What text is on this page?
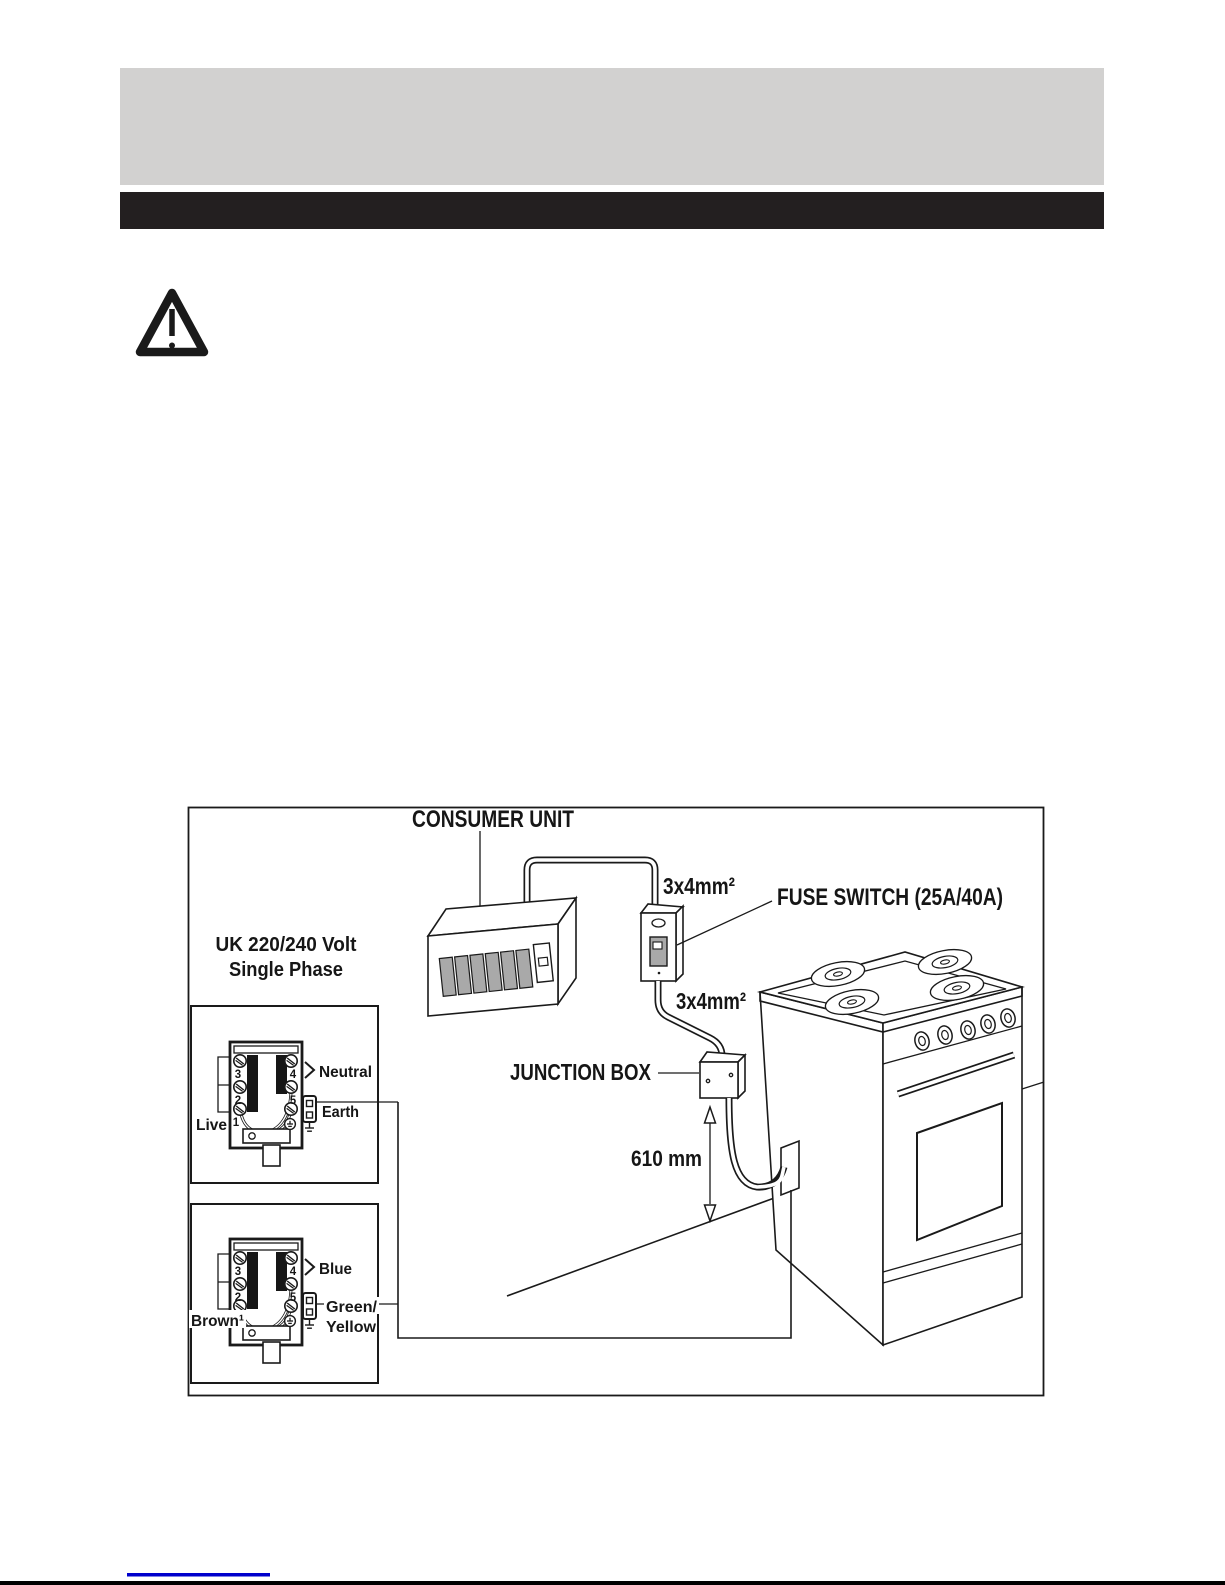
3
2
1
4
5
Live
Neutral
Earth
3
2
4
5
Brown¹
Blue
Green/
Yellow
CONSUMER UNIT
3x4mm² FUSE SWITCH (25A/40A)
3x4mm²
JUNCTION BOX
610 mm
UK 220/240 Volt
Single Phase
